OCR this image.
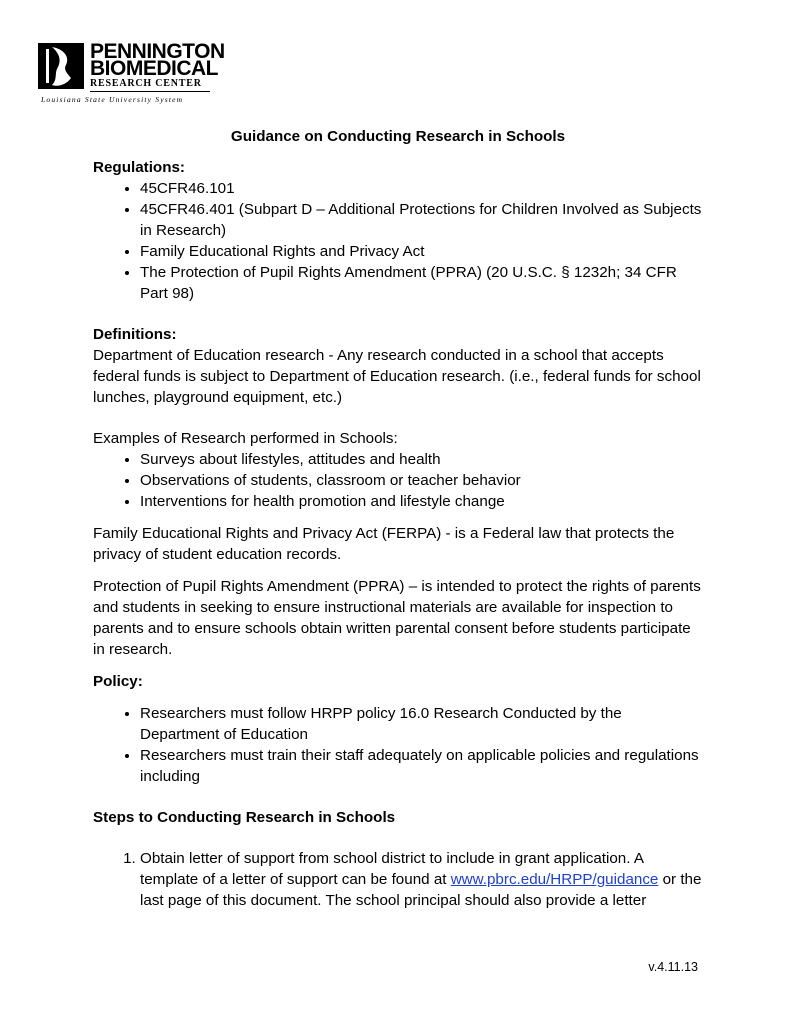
PENNINGTON
BIOMEDICAL
RESEARCH CENTER
Louisiana State University System

Guidance on Conducting Research in Schools

Regulations:

• 45CFR46.101
• 45CFR46.401 (Subpart D – Additional Protections for Children Involved as Subjects in Research)
• Family Educational Rights and Privacy Act
• The Protection of Pupil Rights Amendment (PPRA) (20 U.S.C. § 1232h; 34 CFR Part 98)

Definitions:

Department of Education research - Any research conducted in a school that accepts federal funds is subject to Department of Education research. (i.e., federal funds for school lunches, playground equipment, etc.)

Examples of Research performed in Schools:

• Surveys about lifestyles, attitudes and health
• Observations of students, classroom or teacher behavior
• Interventions for health promotion and lifestyle change

Family Educational Rights and Privacy Act (FERPA) - is a Federal law that protects the privacy of student education records.

Protection of Pupil Rights Amendment (PPRA) – is intended to protect the rights of parents and students in seeking to ensure instructional materials are available for inspection to parents and to ensure schools obtain written parental consent before students participate in research.

Policy:

• Researchers must follow HRPP policy 16.0 Research Conducted by the Department of Education
• Researchers must train their staff adequately on applicable policies and regulations including

Steps to Conducting Research in Schools

1. Obtain letter of support from school district to include in grant application. A template of a letter of support can be found at www.pbrc.edu/HRPP/guidance or the last page of this document. The school principal should also provide a letter
v.4.11.13
